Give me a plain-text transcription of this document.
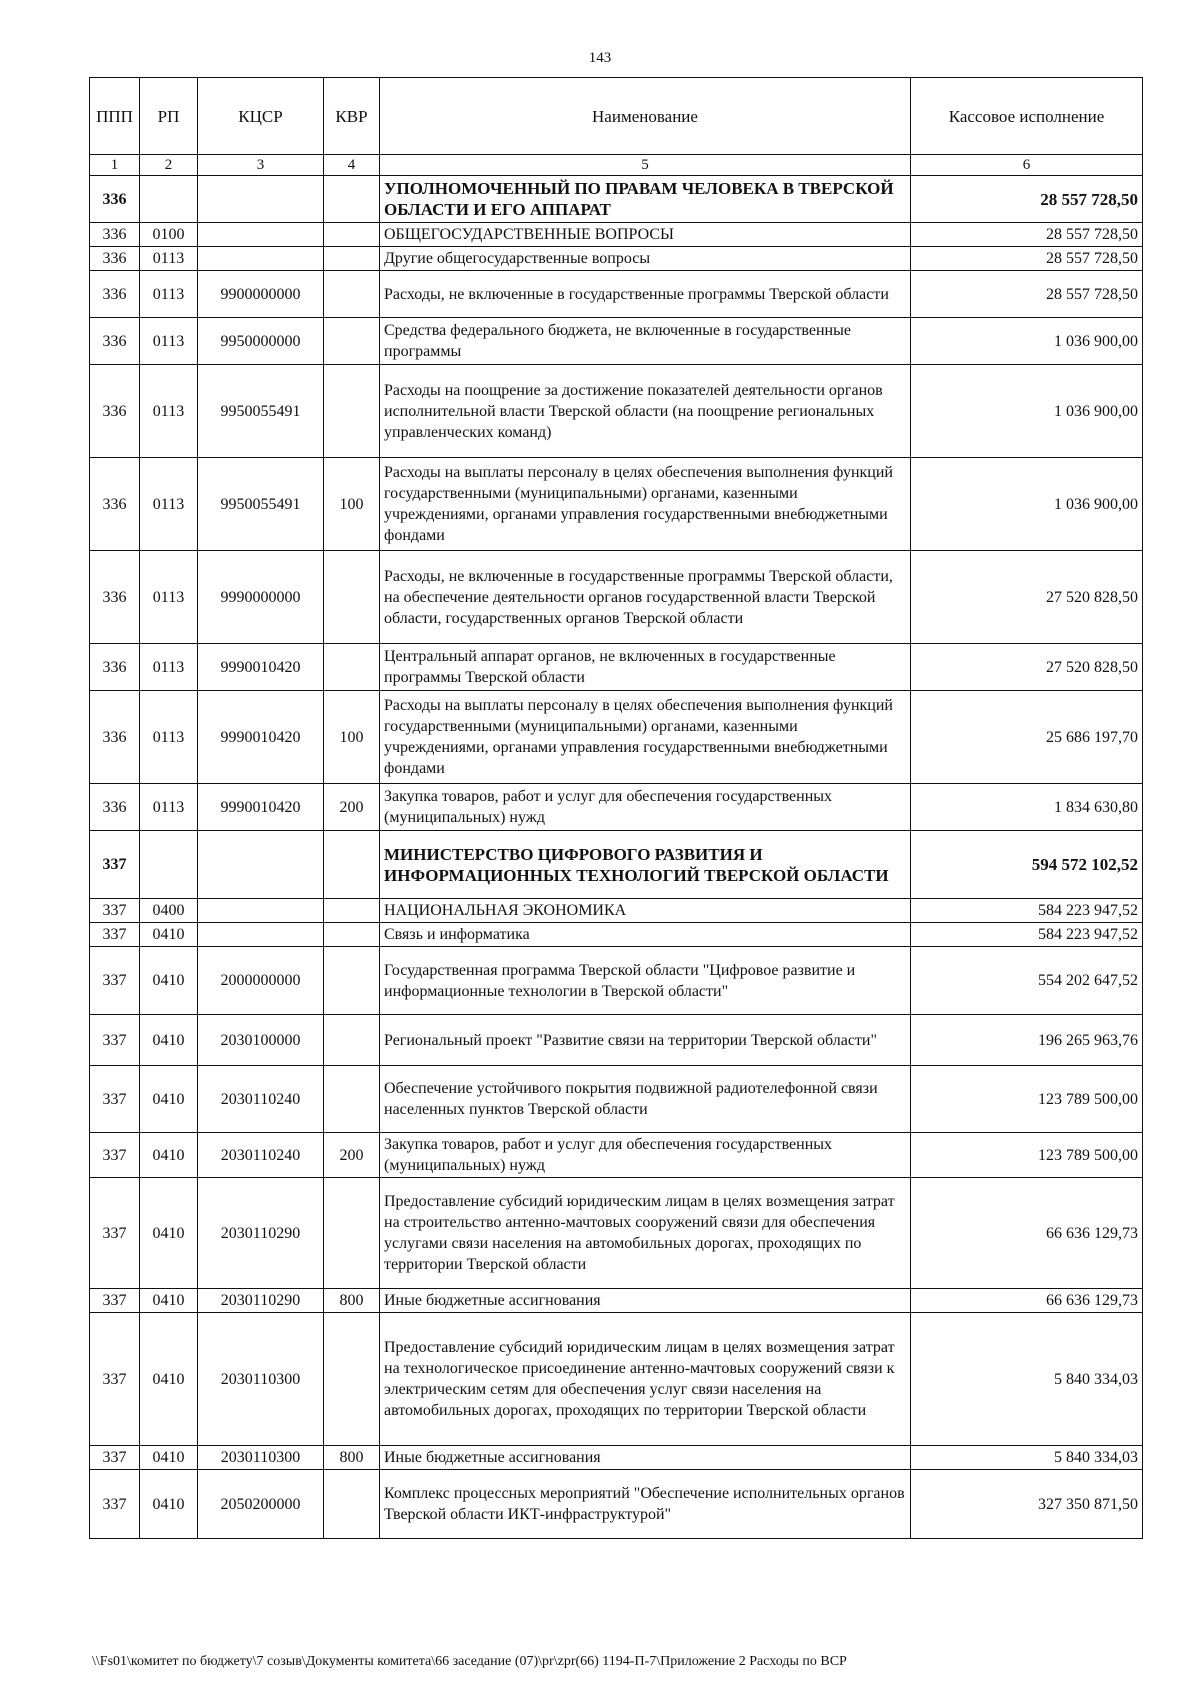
143
ППП	РП	КЦСР	КВР	Наименование	Кассовое исполнение
1	2	3	4	5	6
336				УПОЛНОМОЧЕННЫЙ ПО ПРАВАМ ЧЕЛОВЕКА В ТВЕРСКОЙ ОБЛАСТИ И ЕГО АППАРАТ	28 557 728,50
336	0100			ОБЩЕГОСУДАРСТВЕННЫЕ ВОПРОСЫ	28 557 728,50
336	0113			Другие общегосударственные вопросы	28 557 728,50
336	0113	9900000000		Расходы, не включенные в государственные программы Тверской области	28 557 728,50
336	0113	9950000000		Средства федерального бюджета, не включенные в государственные программы	1 036 900,00
336	0113	9950055491		Расходы на поощрение за достижение показателей деятельности органов исполнительной власти Тверской области (на поощрение региональных управленческих команд)	1 036 900,00
336	0113	9950055491	100	Расходы на выплаты персоналу в целях обеспечения выполнения функций государственными (муниципальными) органами, казенными учреждениями, органами управления государственными внебюджетными фондами	1 036 900,00
336	0113	9990000000		Расходы, не включенные в государственные программы Тверской области, на обеспечение деятельности органов государственной власти Тверской области, государственных органов Тверской области	27 520 828,50
336	0113	9990010420		Центральный аппарат органов, не включенных в государственные программы Тверской области	27 520 828,50
336	0113	9990010420	100	Расходы на выплаты персоналу в целях обеспечения выполнения функций государственными (муниципальными) органами, казенными учреждениями, органами управления государственными внебюджетными фондами	25 686 197,70
336	0113	9990010420	200	Закупка товаров, работ и услуг для обеспечения государственных (муниципальных) нужд	1 834 630,80
337				МИНИСТЕРСТВО ЦИФРОВОГО РАЗВИТИЯ И ИНФОРМАЦИОННЫХ ТЕХНОЛОГИЙ ТВЕРСКОЙ ОБЛАСТИ	594 572 102,52
337	0400			НАЦИОНАЛЬНАЯ ЭКОНОМИКА	584 223 947,52
337	0410			Связь и информатика	584 223 947,52
337	0410	2000000000		Государственная программа Тверской области "Цифровое развитие и информационные технологии в Тверской области"	554 202 647,52
337	0410	2030100000		Региональный проект "Развитие связи на территории Тверской области"	196 265 963,76
337	0410	2030110240		Обеспечение устойчивого покрытия подвижной радиотелефонной связи населенных пунктов Тверской области	123 789 500,00
337	0410	2030110240	200	Закупка товаров, работ и услуг для обеспечения государственных (муниципальных) нужд	123 789 500,00
337	0410	2030110290		Предоставление субсидий юридическим лицам в целях возмещения затрат на строительство антенно-мачтовых сооружений связи для обеспечения услугами связи населения на автомобильных дорогах, проходящих по территории Тверской области	66 636 129,73
337	0410	2030110290	800	Иные бюджетные ассигнования	66 636 129,73
337	0410	2030110300		Предоставление субсидий юридическим лицам в целях возмещения затрат на технологическое присоединение антенно-мачтовых сооружений связи к электрическим сетям для обеспечения услуг связи населения на автомобильных дорогах, проходящих по территории Тверской области	5 840 334,03
337	0410	2030110300	800	Иные бюджетные ассигнования	5 840 334,03
337	0410	2050200000		Комплекс процессных мероприятий "Обеспечение исполнительных органов Тверской области ИКТ-инфраструктурой"	327 350 871,50
\\Fs01\комитет по бюджету\7 созыв\Документы комитета\66 заседание (07)\pr\zpr(66) 1194-П-7\Приложение 2 Расходы по ВСР
